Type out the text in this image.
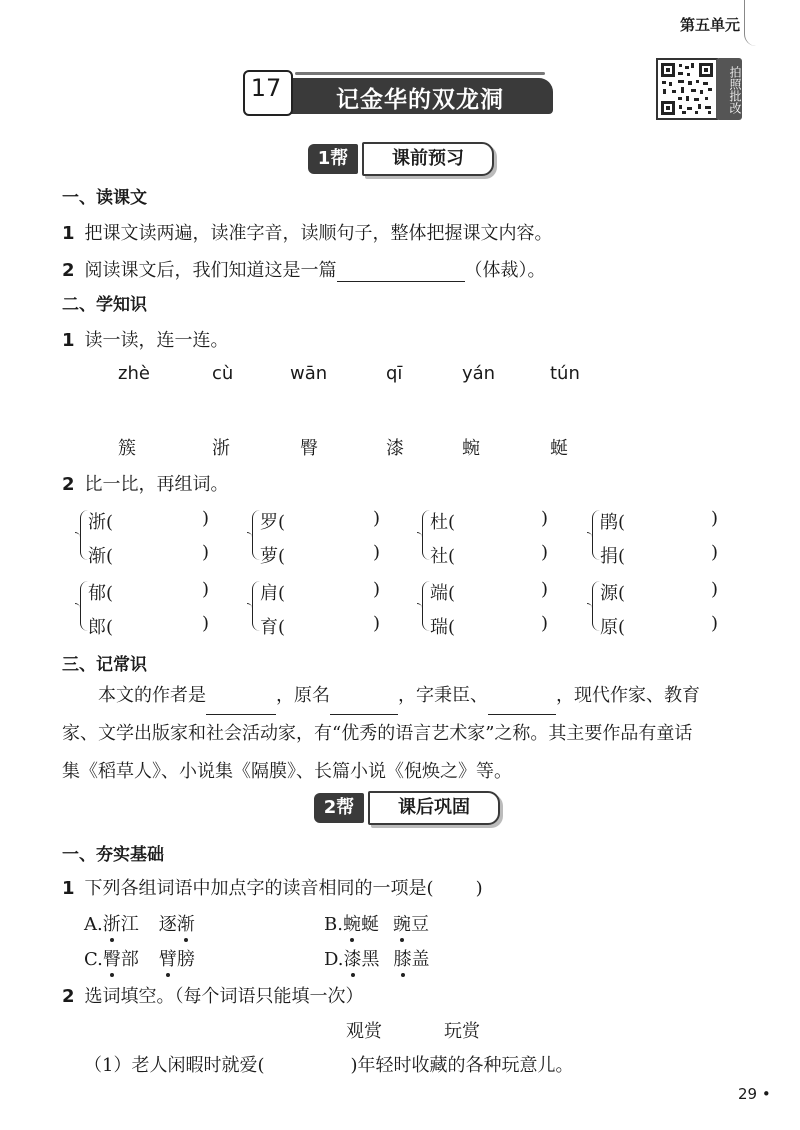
第五单元
17	记金华的双龙洞	拍照批改
1帮	课前预习
一、读课文
1 把课文读两遍，读准字音，读顺句子，整体把握课文内容。
2 阅读课文后，我们知道这是一篇	（体裁）。
二、学知识
1 读一读，连一连。
zhè	cù	wān	qī	yán	tún
簇	浙	臀	漆	蜿	蜒
2 比一比，再组词。
浙(	)
渐(	)
罗(	)
萝(	)
杜(	)
社(	)
鹃(	)
捐(	)
郁(	)
郎(	)
肩(	)
育(	)
端(	)
瑞(	)
源(	)
原(	)
三、记常识
本文的作者是	，原名	，字秉臣、	，现代作家、教育
家、文学出版家和社会活动家，有“优秀的语言艺术家”之称。其主要作品有童话
集《稻草人》、小说集《隔膜》、长篇小说《倪焕之》等。
2帮	课后巩固
一、夯实基础
1 下列各组词语中加点字的读音相同的一项是( )
A.浙江 逐渐	B.蜿蜒 豌豆
C.臀部 臂膀	D.漆黑 膝盖
2 选词填空。（每个词语只能填一次）
观赏	玩赏
（1）老人闲暇时就爱(	)年轻时收藏的各种玩意儿。
29 •
